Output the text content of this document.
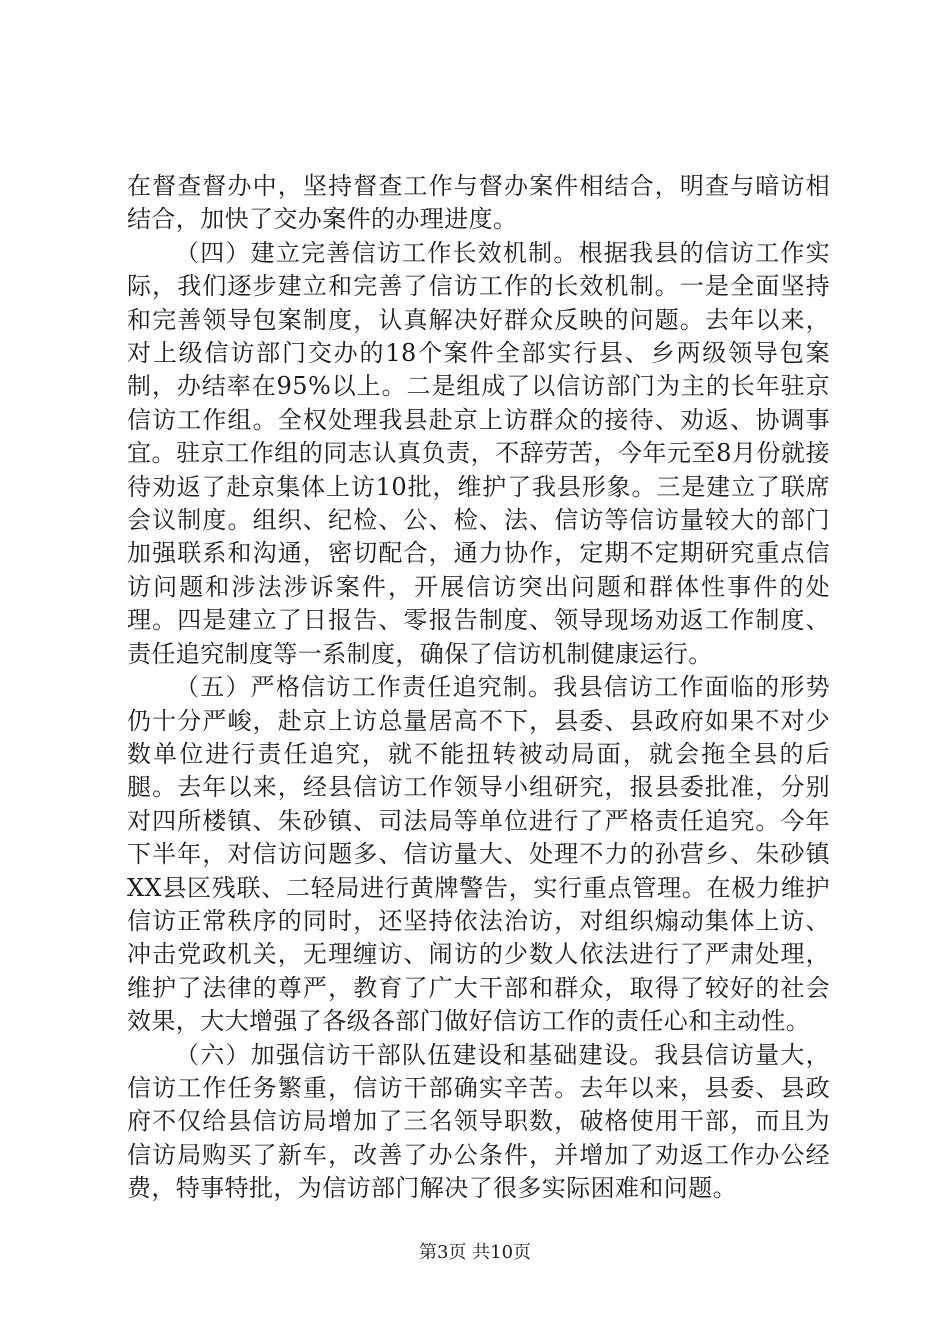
在督查督办中，坚持督查工作与督办案件相结合，明查与暗访相结合，加快了交办案件的办理进度。

（四）建立完善信访工作长效机制。根据我县的信访工作实际，我们逐步建立和完善了信访工作的长效机制。一是全面坚持和完善领导包案制度，认真解决好群众反映的问题。去年以来，对上级信访部门交办的18个案件全部实行县、乡两级领导包案制，办结率在95%以上。二是组成了以信访部门为主的长年驻京信访工作组。全权处理我县赴京上访群众的接待、劝返、协调事宜。驻京工作组的同志认真负责，不辞劳苦，今年元至8月份就接待劝返了赴京集体上访10批，维护了我县形象。三是建立了联席会议制度。组织、纪检、公、检、法、信访等信访量较大的部门加强联系和沟通，密切配合，通力协作，定期不定期研究重点信访问题和涉法涉诉案件，开展信访突出问题和群体性事件的处理。四是建立了日报告、零报告制度、领导现场劝返工作制度、责任追究制度等一系制度，确保了信访机制健康运行。

（五）严格信访工作责任追究制。我县信访工作面临的形势仍十分严峻，赴京上访总量居高不下，县委、县政府如果不对少数单位进行责任追究，就不能扭转被动局面，就会拖全县的后腿。去年以来，经县信访工作领导小组研究，报县委批准，分别对四所楼镇、朱砂镇、司法局等单位进行了严格责任追究。今年下半年，对信访问题多、信访量大、处理不力的孙营乡、朱砂镇XX县区残联、二轻局进行黄牌警告，实行重点管理。在极力维护信访正常秩序的同时，还坚持依法治访，对组织煽动集体上访、冲击党政机关，无理缠访、闹访的少数人依法进行了严肃处理，维护了法律的尊严，教育了广大干部和群众，取得了较好的社会效果，大大增强了各级各部门做好信访工作的责任心和主动性。

（六）加强信访干部队伍建设和基础建设。我县信访量大，信访工作任务繁重，信访干部确实辛苦。去年以来，县委、县政府不仅给县信访局增加了三名领导职数，破格使用干部，而且为信访局购买了新车，改善了办公条件，并增加了劝返工作办公经费，特事特批，为信访部门解决了很多实际困难和问题。

第3页 共10页
